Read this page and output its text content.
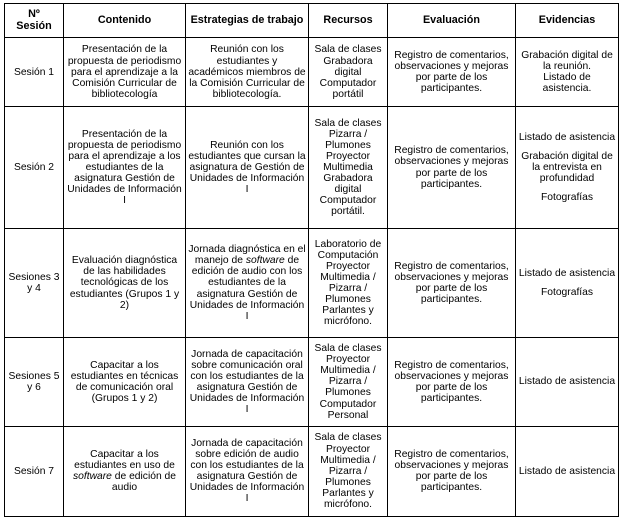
Nº Sesión	Contenido	Estrategias de trabajo	Recursos	Evaluación	Evidencias
Sesión 1	Presentación de la propuesta de periodismo para el aprendizaje a la Comisión Curricular de bibliotecología	Reunión con los estudiantes y académicos miembros de la Comisión Curricular de bibliotecología.	Sala de clases
Grabadora digital
Computador portátil	Registro de comentarios, observaciones y mejoras por parte de los participantes.	Grabación digital de la reunión.
Listado de asistencia.

Sesión 2	Presentación de la propuesta de periodismo para el aprendizaje a los estudiantes de la asignatura Gestión de Unidades de Información I	Reunión con los estudiantes que cursan la asignatura de Gestión de Unidades de Información I	Sala de clases
Pizarra / Plumones
Proyector Multimedia
Grabadora digital
Computador portátil.	Registro de comentarios, observaciones y mejoras por parte de los participantes.	Listado de asistencia
Grabación digital de la entrevista en profundidad
Fotografías

Sesiones 3 y 4	Evaluación diagnóstica de las habilidades tecnológicas de los estudiantes (Grupos 1 y 2)	Jornada diagnóstica en el manejo de software de edición de audio con los estudiantes de la asignatura Gestión de Unidades de Información I	Laboratorio de Computación
Proyector Multimedia /
Pizarra / Plumones
Parlantes y micrófono.	Registro de comentarios, observaciones y mejoras por parte de los participantes.	Listado de asistencia
Fotografías

Sesiones 5 y 6	Capacitar a los estudiantes en técnicas de comunicación oral (Grupos 1 y 2)	Jornada de capacitación sobre comunicación oral con los estudiantes de la asignatura Gestión de Unidades de Información I	Sala de clases
Proyector Multimedia /
Pizarra / Plumones
Computador Personal	Registro de comentarios, observaciones y mejoras por parte de los participantes.	Listado de asistencia

Sesión 7	Capacitar a los estudiantes en uso de software de edición de audio	Jornada de capacitación sobre edición de audio con los estudiantes de la asignatura Gestión de Unidades de Información I	Sala de clases
Proyector Multimedia /
Pizarra / Plumones
Parlantes y micrófono.	Registro de comentarios, observaciones y mejoras por parte de los participantes.	Listado de asistencia
